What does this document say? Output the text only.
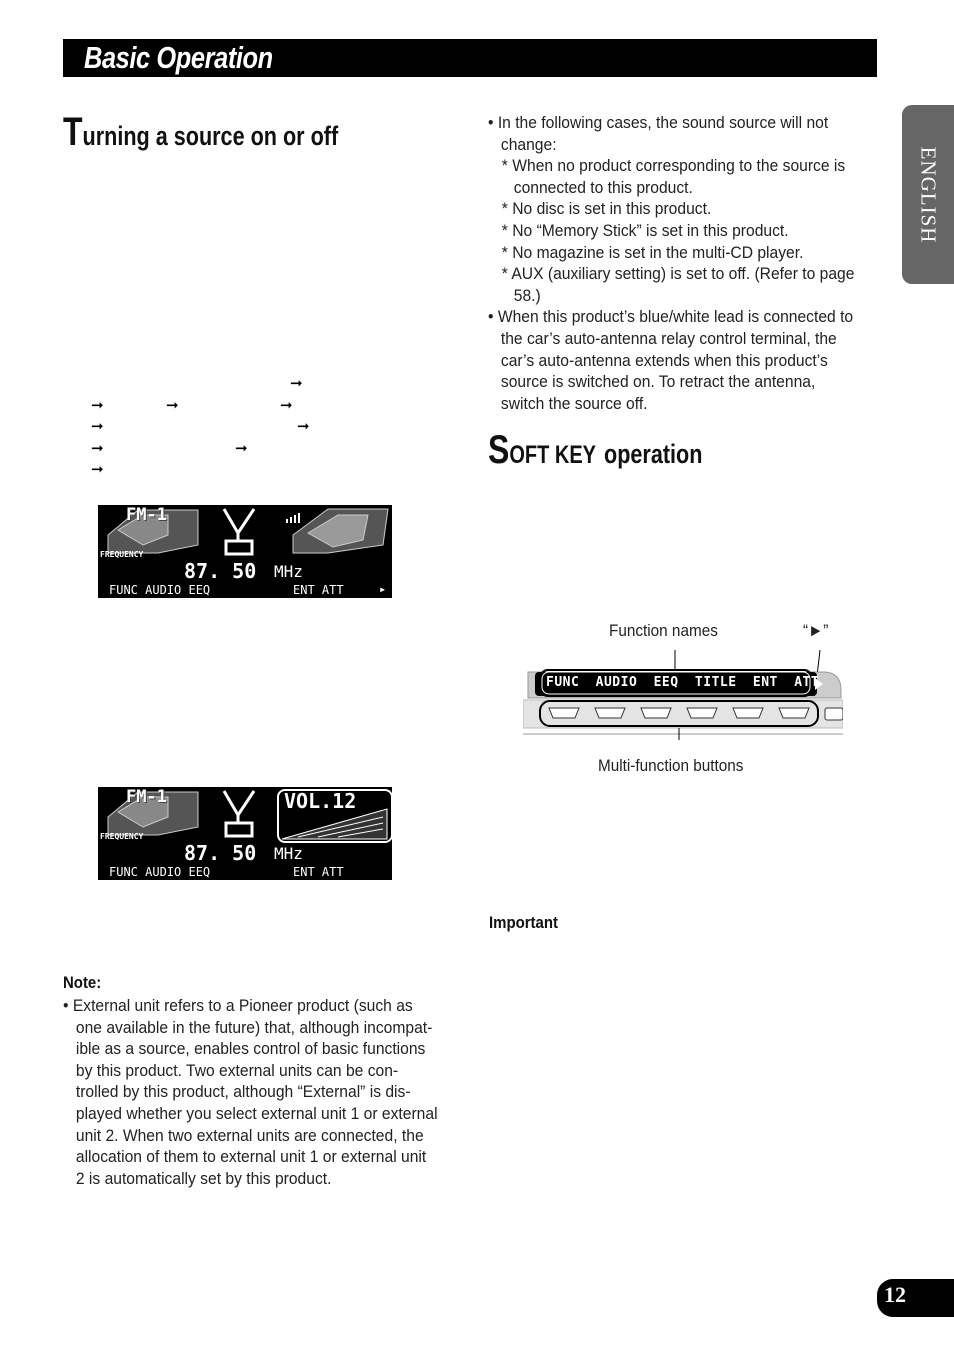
Basic Operation
ENGLISH
Turning a source on or off
➞
➞	➞	➞
➞	➞
➞	➞
➞
FM-1
FREQUENCY
87. 50 MHz
FUNC AUDIO EEQ	ENT ATT	▸
FM-1
FREQUENCY
87. 50 MHz
FUNC AUDIO EEQ	ENT ATT
VOL.12
Note:
• External unit refers to a Pioneer product (such as
one available in the future) that, although incompat-
ible as a source, enables control of basic functions
by this product. Two external units can be con-
trolled by this product, although “External” is dis-
played whether you select external unit 1 or external
unit 2. When two external units are connected, the
allocation of them to external unit 1 or external unit
2 is automatically set by this product.
• In the following cases, the sound source will not
change:
* When no product corresponding to the source is
connected to this product.
* No disc is set in this product.
* No “Memory Stick” is set in this product.
* No magazine is set in the multi-CD player.
* AUX (auxiliary setting) is set to off. (Refer to page
58.)
• When this product’s blue/white lead is connected to
the car’s auto-antenna relay control terminal, the
car’s auto-antenna extends when this product’s
source is switched on. To retract the antenna,
switch the source off.
SOFT KEY operation
Function names	“►”
FUNC AUDIO EEQ TITLE ENT ATT
Multi-function buttons
Important
12
